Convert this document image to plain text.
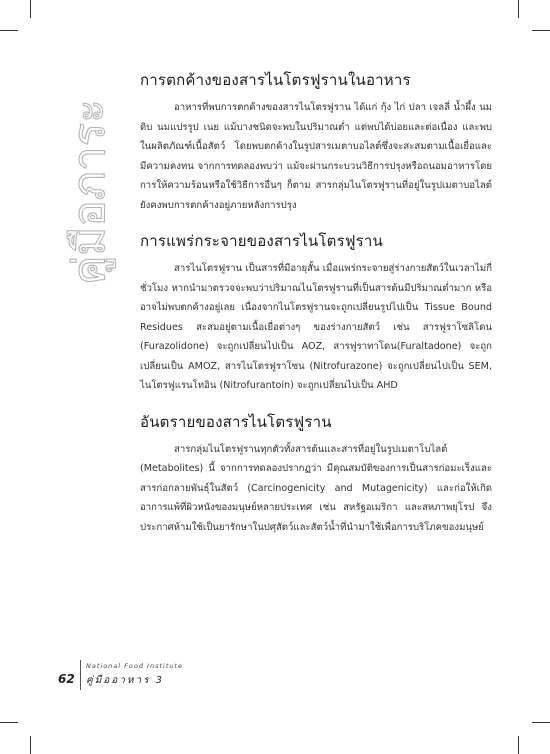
คู่มือภาระ
การตกค้างของสารไนโตรฟูรานในอาหาร

อาหารที่พบการตกค้างของสารไนโตรฟูราน ได้แก่ กุ้ง ไก่ ปลา เจลลี่ น้ำผึ้ง นมดิบ นมแปรรูป เนย แม้บางชนิดจะพบในปริมาณต่ำ แต่พบได้บ่อยและต่อเนื่อง และพบในผลิตภัณฑ์เนื้อสัตว์ โดยพบตกค้างในรูปสารเมตาบอไลต์ซึ่งจะสะสมตามเนื้อเยื่อและมีความคงทน จากการทดลองพบว่า แม้จะผ่านกระบวนวิธีการปรุงหรือถนอมอาหารโดยการให้ความร้อนหรือใช้วิธีการอื่นๆ ก็ตาม สารกลุ่มไนโตรฟูรานที่อยู่ในรูปเมตาบอไลต์ยังคงพบการตกค้างอยู่ภายหลังการปรุง

การแพร่กระจายของสารไนโตรฟูราน

สารไนโตรฟูราน เป็นสารที่มีอายุสั้น เมื่อแพร่กระจายสู่ร่างกายสัตว์ในเวลาไม่กี่ชั่วโมง หากนำมาตรวจจะพบว่าปริมาณไนโตรฟูรานที่เป็นสารต้นมีปริมาณต่ำมาก หรืออาจไม่พบตกค้างอยู่เลย เนื่องจากไนโตรฟูรานจะถูกเปลี่ยนรูปไปเป็น Tissue Bound Residues สะสมอยู่ตามเนื้อเยื่อต่างๆ ของร่างกายสัตว์ เช่น สารฟูราโซลิโดน (Furazolidone) จะถูกเปลี่ยนไปเป็น AOZ, สารฟูราทาโดน(Furaltadone) จะถูกเปลี่ยนเป็น AMOZ, สารไนโตรฟูราโซน (Nitrofurazone) จะถูกเปลี่ยนไปเป็น SEM, ไนโตรฟูแรนโทอิน (Nitrofurantoin) จะถูกเปลี่ยนไปเป็น AHD

อันตรายของสารไนโตรฟูราน

สารกลุ่มไนโตรฟูรานทุกตัวทั้งสารต้นและสารที่อยู่ในรูปเมตาโบไลต์ (Metabolites) นี้ จากการทดลองปรากฏว่า มีคุณสมบัติของการเป็นสารก่อมะเร็งและสารก่อกลายพันธุ์ในสัตว์ (Carcinogenicity and Mutagenicity) และก่อให้เกิดอาการแพ้ที่ผิวหนังของมนุษย์หลายประเทศ เช่น สหรัฐอเมริกา และสหภาพยุโรป จึงประกาศห้ามใช้เป็นยารักษาในปศุสัตว์และสัตว์น้ำที่นำมาใช้เพื่อการบริโภคของมนุษย์

62
National Food Institute
คู่มืออาหาร 3
